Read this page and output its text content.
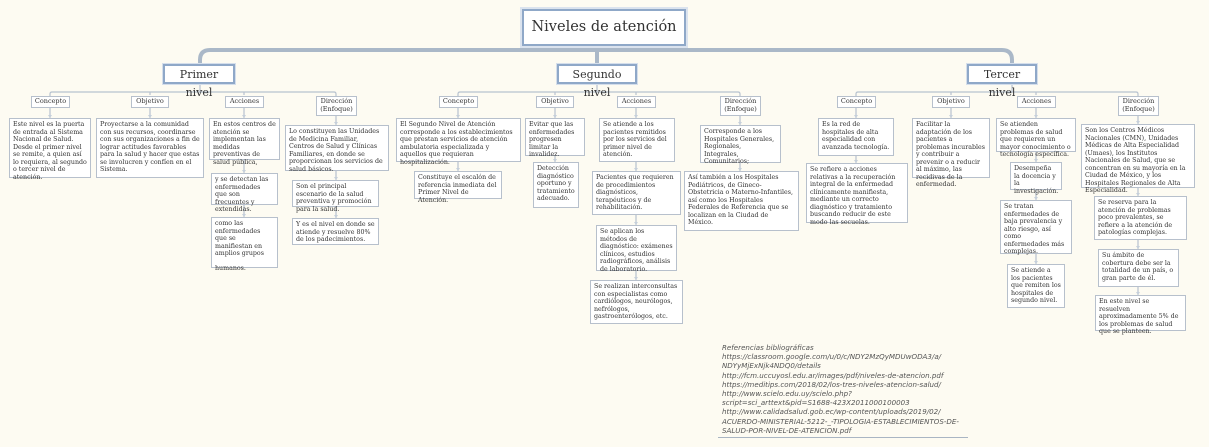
Niveles de atención
Primer nivel
Concepto	Objetivo	Acciones	Dirección
(Enfoque)
Este nivel es la puerta de entrada al Sistema Nacional de Salud. Desde el primer nivel se remite, a quien así lo requiera, al segundo o tercer nivel de atención.
Proyectarse a la comunidad con sus recursos, coordinarse con sus organizaciones a fin de lograr actitudes favorables para la salud y hacer que estas se involucren y confíen en el Sistema.
En estos centros de atención se implementan las medidas preventivas de salud pública,
y se detectan las enfermedades que son frecuentes y extendidas.
como las enfermedades que se manifiestan en amplios grupos

humanos.
Lo constituyen las Unidades de Medicina Familiar, Centros de Salud y Clínicas Familiares, en donde se proporcionan los servicios de salud básicos.
Son el principal escenario de la salud preventiva y promoción para la salud.
Y es el nivel en donde se atiende y resuelve 80% de los padecimientos.
Segundo nivel
Concepto	Objetivo	Acciones	Dirección
(Enfoque)
El Segundo Nivel de Atención corresponde a los establecimientos que prestan servicios de atención ambulatoria especializada y aquellos que requieran hospitalización.
Constituye el escalón de referencia inmediata del Primer Nivel de Atención.
Evitar que las enfermedades progresen limitar la invalidez.
Detección diagnóstico oportuno y tratamiento adecuado.
Se atiende a los pacientes remitidos por los servicios del primer nivel de atención.
Pacientes que requieren de procedimientos diagnósticos, terapéuticos y de rehabilitación.
Se aplican los métodos de diagnóstico: exámenes clínicos, estudios radiográficos, análisis de laboratorio.
Se realizan interconsultas con especialistas como cardiólogos, neurólogos, nefrólogos, gastroenterólogos, etc.
Corresponde a los Hospitales Generales, Regionales, Integrales, Comunitarios;
Así también a los Hospitales Pediátricos, de Gineco-Obstetricia o Materno-Infantiles, así como los Hospitales Federales de Referencia que se localizan en la Ciudad de México.
Tercer nivel
Concepto	Objetivo	Acciones	Dirección
(Enfoque)
Es la red de hospitales de alta especialidad con avanzada tecnología.
Se refiere a acciones relativas a la recuperación integral de la enfermedad clínicamente manifiesta, mediante un correcto diagnóstico y tratamiento buscando reducir de este modo las secuelas.
Facilitar la adaptación de los pacientes a problemas incurables y contribuir a prevenir o a reducir al máximo, las recidivas de la enfermedad.
Se atienden problemas de salud que requieren un mayor conocimiento o tecnología específica.
Desempeña la docencia y la investigación.
Se tratan enfermedades de baja prevalencia y alto riesgo, así como enfermedades más complejas.
Se atiende a los pacientes que remiten los hospitales de segundo nivel.
Son los Centros Médicos Nacionales (CMN), Unidades Médicas de Alta Especialidad (Umaes), los Institutos Nacionales de Salud, que se concentran en su mayoría en la Ciudad de México, y los Hospitales Regionales de Alta Especialidad.
Se reserva para la atención de problemas poco prevalentes, se refiere a la atención de patologías complejas.
Su ámbito de cobertura debe ser la totalidad de un país, o gran parte de él.
En este nivel se resuelven aproximadamente 5% de los problemas de salud que se planteen.
Referencias bibliográficas
https://classroom.google.com/u/0/c/NDY2MzQyMDUwODA3/a/
NDYyMjExNjk4NDQ0/details
http://fcm.uccuyosl.edu.ar/images/pdf/niveles-de-atencion.pdf
https://meditips.com/2018/02/los-tres-niveles-atencion-salud/
http://www.scielo.edu.uy/scielo.php?
script=sci_arttext&pid=S1688-423X2011000100003
http://www.calidadsalud.gob.ec/wp-content/uploads/2019/02/
ACUERDO-MINISTERIAL-5212-_-TIPOLOGIA-ESTABLECIMIENTOS-DE-
SALUD-POR-NIVEL-DE-ATENCION.pdf
